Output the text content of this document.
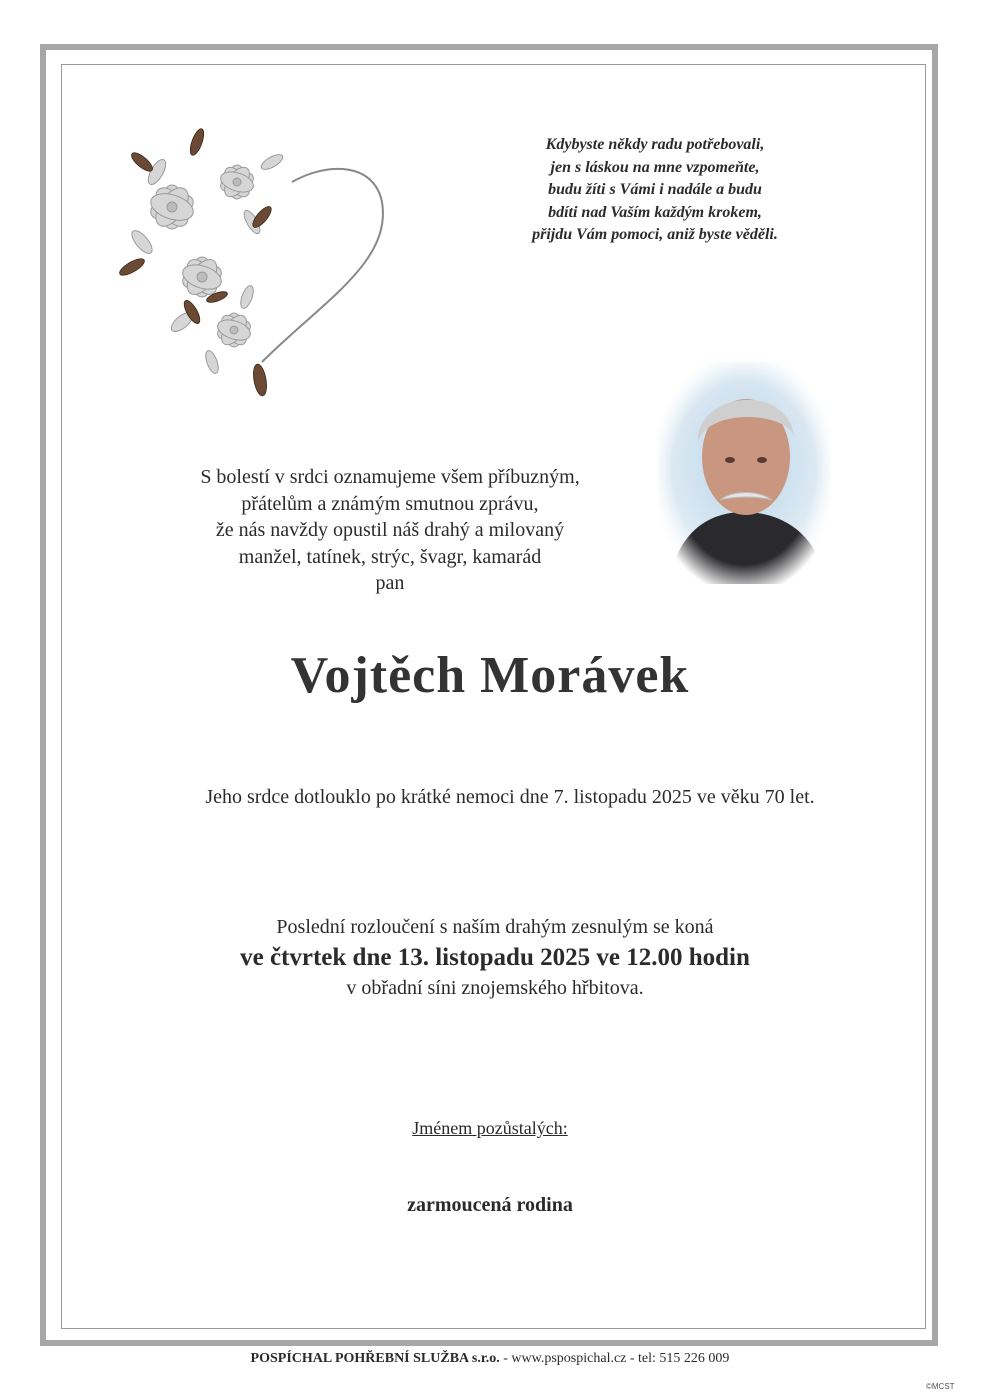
Kdybyste někdy radu potřebovali,
jen s láskou na mne vzpomeňte,
budu žíti s Vámi i nadále a budu
bdíti nad Vaším každým krokem,
přijdu Vám pomoci, aniž byste věděli.
S bolestí v srdci oznamujeme všem příbuzným,
přátelům a známým smutnou zprávu,
že nás navždy opustil náš drahý a milovaný
manžel, tatínek, strýc, švagr, kamarád
pan
Vojtěch Morávek
Jeho srdce dotlouklo po krátké nemoci dne 7. listopadu 2025 ve věku 70 let.
Poslední rozloučení s naším drahým zesnulým se koná
ve čtvrtek dne 13. listopadu 2025 ve 12.00 hodin
v obřadní síni znojemského hřbitova.
Jménem pozůstalých:
zarmoucená rodina
POSPÍCHAL POHŘEBNÍ SLUŽBA s.r.o. - www.pspospichal.cz - tel: 515 226 009
©MCST
